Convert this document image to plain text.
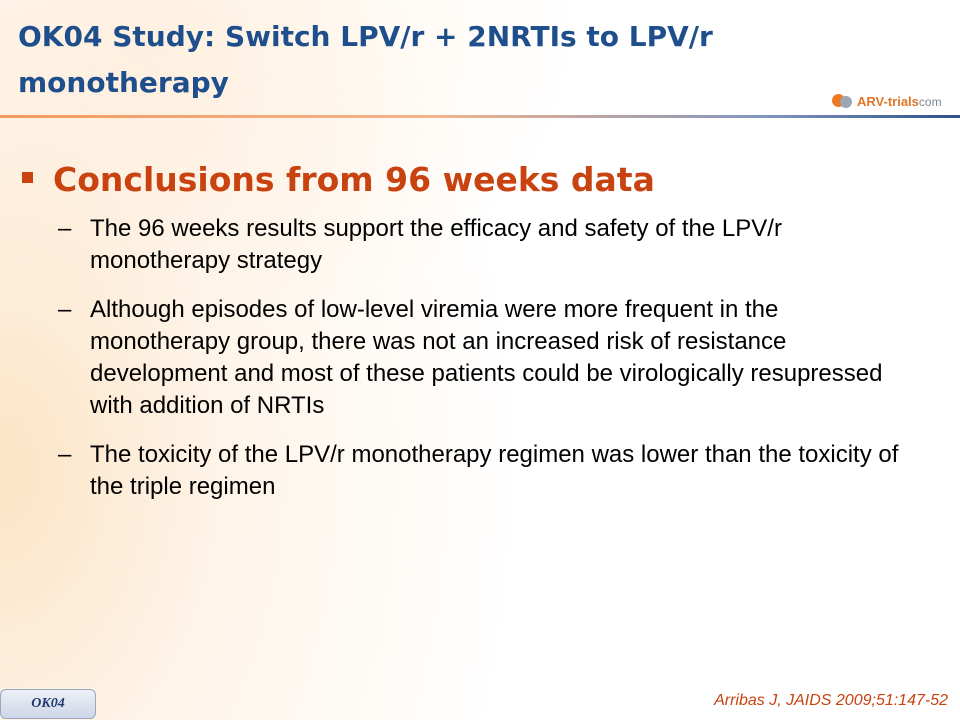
OK04 Study: Switch LPV/r + 2NRTIs to LPV/r monotherapy
ARV-trialscom
Conclusions from 96 weeks data
– The 96 weeks results support the efficacy and safety of the LPV/r monotherapy strategy
– Although episodes of low-level viremia were more frequent in the monotherapy group, there was not an increased risk of resistance development and most of these patients could be virologically resupressed with addition of NRTIs
– The toxicity of the LPV/r monotherapy regimen was lower than the toxicity of the triple regimen
OK04	Arribas J, JAIDS 2009;51:147-52
